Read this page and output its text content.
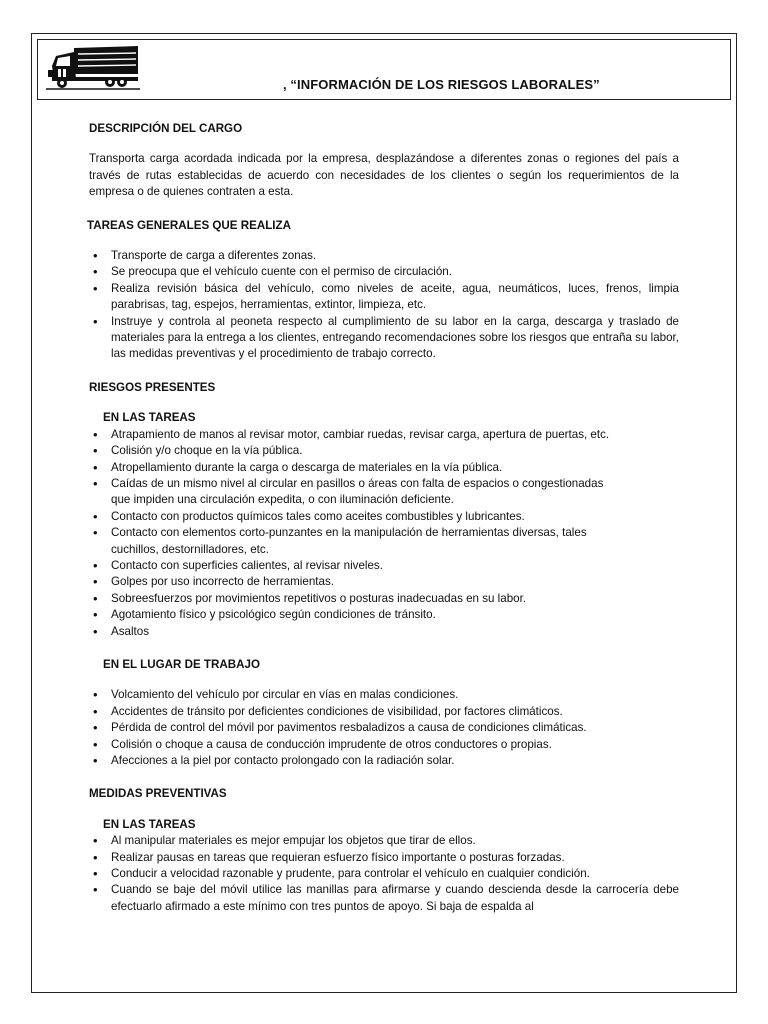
, “INFORMACIÓN DE LOS RIESGOS LABORALES”

DESCRIPCIÓN DEL CARGO

Transporta carga acordada indicada por la empresa, desplazándose a diferentes zonas o regiones del país a través de rutas establecidas de acuerdo con necesidades de los clientes o según los requerimientos de la empresa o de quienes contraten a esta.

TAREAS GENERALES QUE REALIZA

• Transporte de carga a diferentes zonas.
• Se preocupa que el vehículo cuente con el permiso de circulación.
• Realiza revisión básica del vehículo, como niveles de aceite, agua, neumáticos, luces, frenos, limpia parabrisas, tag, espejos, herramientas, extintor, limpieza, etc.
• Instruye y controla al peoneta respecto al cumplimiento de su labor en la carga, descarga y traslado de materiales para la entrega a los clientes, entregando recomendaciones sobre los riesgos que entraña su labor, las medidas preventivas y el procedimiento de trabajo correcto.

RIESGOS PRESENTES

EN LAS TAREAS

• Atrapamiento de manos al revisar motor, cambiar ruedas, revisar carga, apertura de puertas, etc.
• Colisión y/o choque en la vía pública.
• Atropellamiento durante la carga o descarga de materiales en la vía pública.
• Caídas de un mismo nivel al circular en pasillos o áreas con falta de espacios o congestionadas que impiden una circulación expedita, o con iluminación deficiente.
• Contacto con productos químicos tales como aceites combustibles y lubricantes.
• Contacto con elementos corto-punzantes en la manipulación de herramientas diversas, tales cuchillos, destornilladores, etc.
• Contacto con superficies calientes, al revisar niveles.
• Golpes por uso incorrecto de herramientas.
• Sobreesfuerzos por movimientos repetitivos o posturas inadecuadas en su labor.
• Agotamiento físico y psicológico según condiciones de tránsito.
• Asaltos

EN EL LUGAR DE TRABAJO

• Volcamiento del vehículo por circular en vías en malas condiciones.
• Accidentes de tránsito por deficientes condiciones de visibilidad, por factores climáticos.
• Pérdida de control del móvil por pavimentos resbaladizos a causa de condiciones climáticas.
• Colisión o choque a causa de conducción imprudente de otros conductores o propias.
• Afecciones a la piel por contacto prolongado con la radiación solar.

MEDIDAS PREVENTIVAS

EN LAS TAREAS

• Al manipular materiales es mejor empujar los objetos que tirar de ellos.
• Realizar pausas en tareas que requieran esfuerzo físico importante o posturas forzadas.
• Conducir a velocidad razonable y prudente, para controlar el vehículo en cualquier condición.
• Cuando se baje del móvil utilice las manillas para afirmarse y cuando descienda desde la carrocería debe efectuarlo afirmado a este mínimo con tres puntos de apoyo. Si baja de espalda al
